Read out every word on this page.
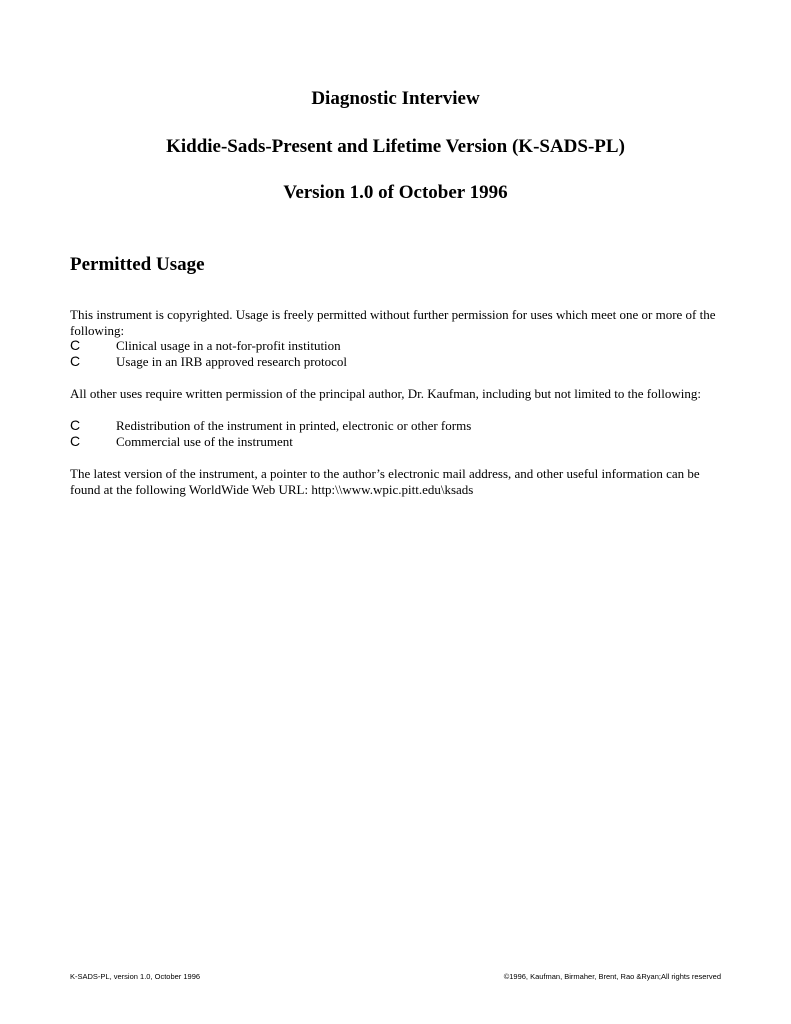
Diagnostic Interview
Kiddie-Sads-Present and Lifetime Version (K-SADS-PL)
Version 1.0 of October 1996
Permitted Usage

This instrument is copyrighted. Usage is freely permitted without further permission for uses which meet one or more of the following:

C	Clinical usage in a not-for-profit institution
C	Usage in an IRB approved research protocol

All other uses require written permission of the principal author, Dr. Kaufman, including but not limited to the following:

C	Redistribution of the instrument in printed, electronic or other forms
C	Commercial use of the instrument

The latest version of the instrument, a pointer to the author’s electronic mail address, and other useful information can be found at the following WorldWide Web URL: http:\\www.wpic.pitt.edu\ksads

K-SADS-PL, version 1.0, October 1996	©1996, Kaufman, Birmaher, Brent, Rao &Ryan;All rights reserved
